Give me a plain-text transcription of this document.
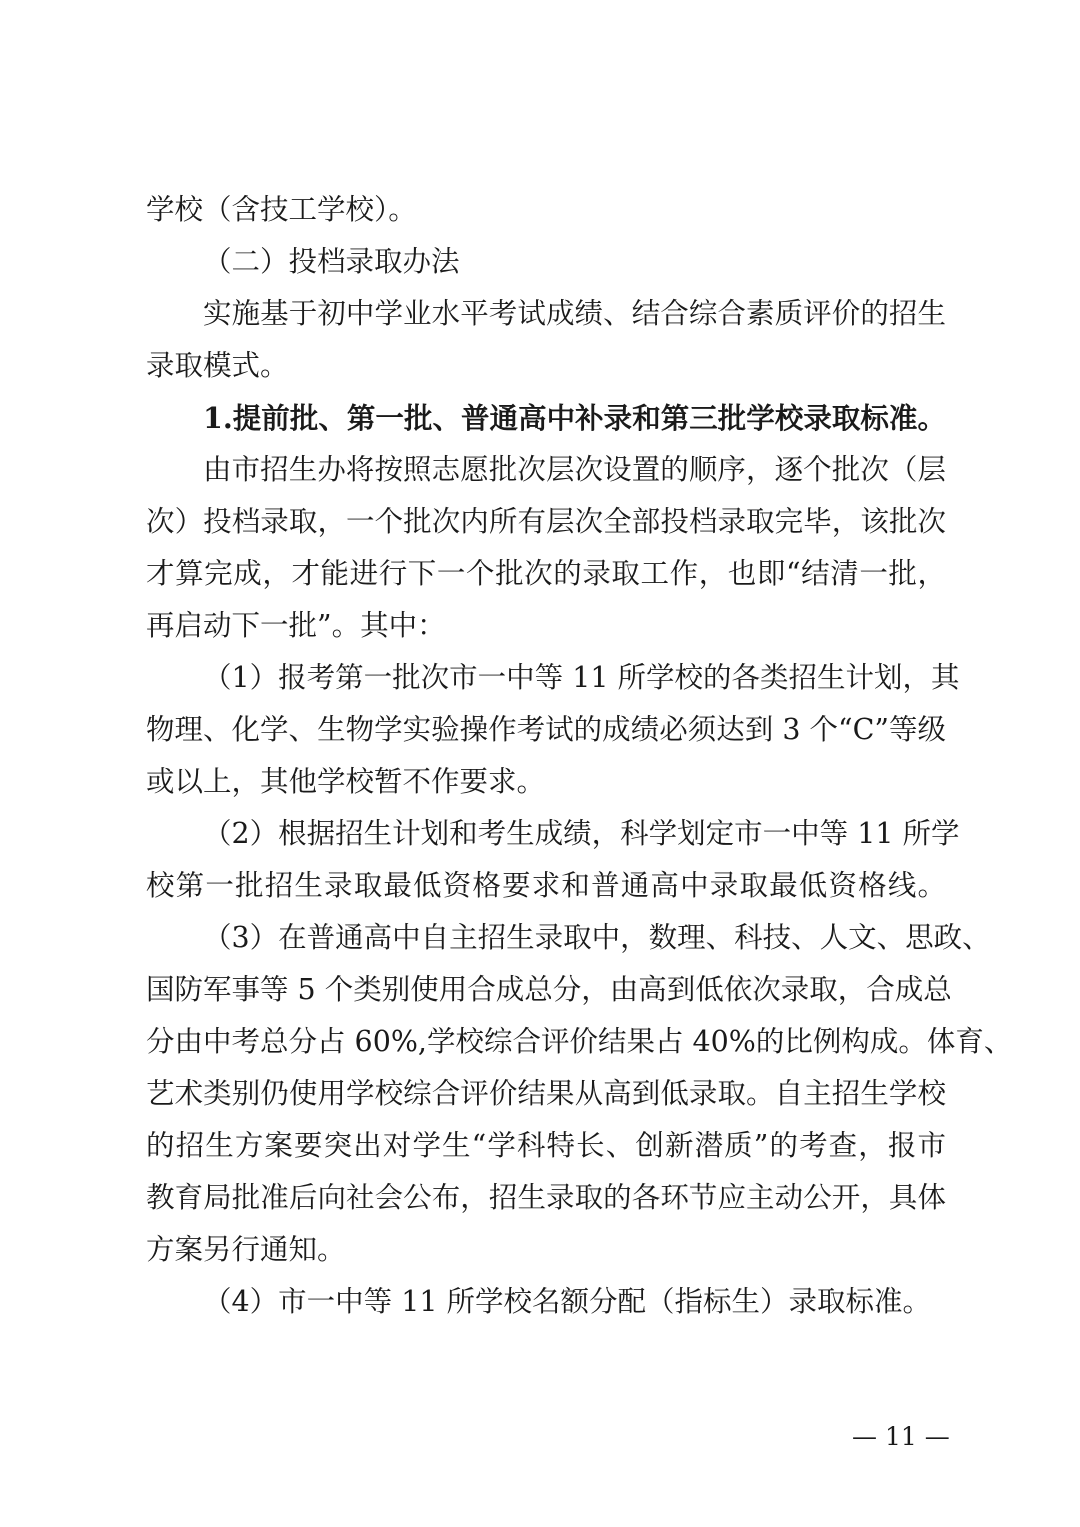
学校（含技工学校）。

（二）投档录取办法

实施基于初中学业水平考试成绩、结合综合素质评价的招生

录取模式。

1.提前批、第一批、普通高中补录和第三批学校录取标准。

由市招生办将按照志愿批次层次设置的顺序，逐个批次（层

次）投档录取，一个批次内所有层次全部投档录取完毕，该批次

才算完成，才能进行下一个批次的录取工作，也即“结清一批，

再启动下一批”。其中：

（1）报考第一批次市一中等 11 所学校的各类招生计划，其

物理、化学、生物学实验操作考试的成绩必须达到 3 个“C”等级

或以上，其他学校暂不作要求。

（2）根据招生计划和考生成绩，科学划定市一中等 11 所学

校第一批招生录取最低资格要求和普通高中录取最低资格线。

（3）在普通高中自主招生录取中，数理、科技、人文、思政、

国防军事等 5 个类别使用合成总分，由高到低依次录取，合成总

分由中考总分占 60%,学校综合评价结果占 40%的比例构成。体育、

艺术类别仍使用学校综合评价结果从高到低录取。自主招生学校

的招生方案要突出对学生“学科特长、创新潜质”的考查，报市

教育局批准后向社会公布，招生录取的各环节应主动公开，具体

方案另行通知。

（4）市一中等 11 所学校名额分配（指标生）录取标准。

— 11 —
